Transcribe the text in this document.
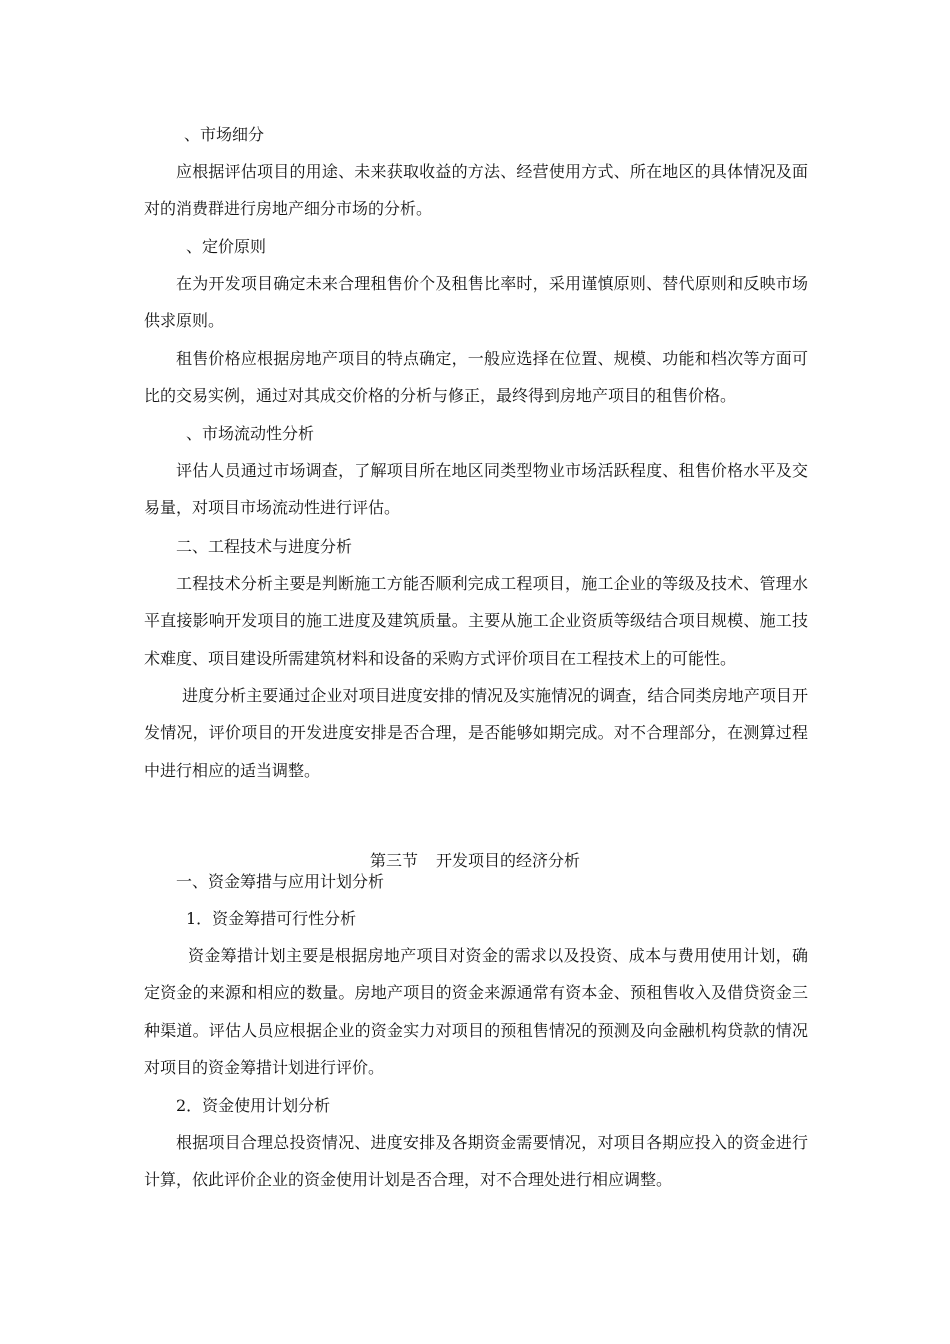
、市场细分

应根据评估项目的用途、未来获取收益的方法、经营使用方式、所在地区的具体情况及面对的消费群进行房地产细分市场的分析。

、定价原则

在为开发项目确定未来合理租售价个及租售比率时，采用谨慎原则、替代原则和反映市场供求原则。

租售价格应根据房地产项目的特点确定，一般应选择在位置、规模、功能和档次等方面可比的交易实例，通过对其成交价格的分析与修正，最终得到房地产项目的租售价格。

、市场流动性分析

评估人员通过市场调查，了解项目所在地区同类型物业市场活跃程度、租售价格水平及交易量，对项目市场流动性进行评估。

二、工程技术与进度分析

工程技术分析主要是判断施工方能否顺利完成工程项目，施工企业的等级及技术、管理水平直接影响开发项目的施工进度及建筑质量。主要从施工企业资质等级结合项目规模、施工技术难度、项目建设所需建筑材料和设备的采购方式评价项目在工程技术上的可能性。

进度分析主要通过企业对项目进度安排的情况及实施情况的调查，结合同类房地产项目开发情况，评价项目的开发进度安排是否合理，是否能够如期完成。对不合理部分，在测算过程中进行相应的适当调整。

第三节 开发项目的经济分析

一、资金筹措与应用计划分析

1．资金筹措可行性分析

资金筹措计划主要是根据房地产项目对资金的需求以及投资、成本与费用使用计划，确定资金的来源和相应的数量。房地产项目的资金来源通常有资本金、预租售收入及借贷资金三种渠道。评估人员应根据企业的资金实力对项目的预租售情况的预测及向金融机构贷款的情况对项目的资金筹措计划进行评价。

2．资金使用计划分析

根据项目合理总投资情况、进度安排及各期资金需要情况，对项目各期应投入的资金进行计算，依此评价企业的资金使用计划是否合理，对不合理处进行相应调整。
